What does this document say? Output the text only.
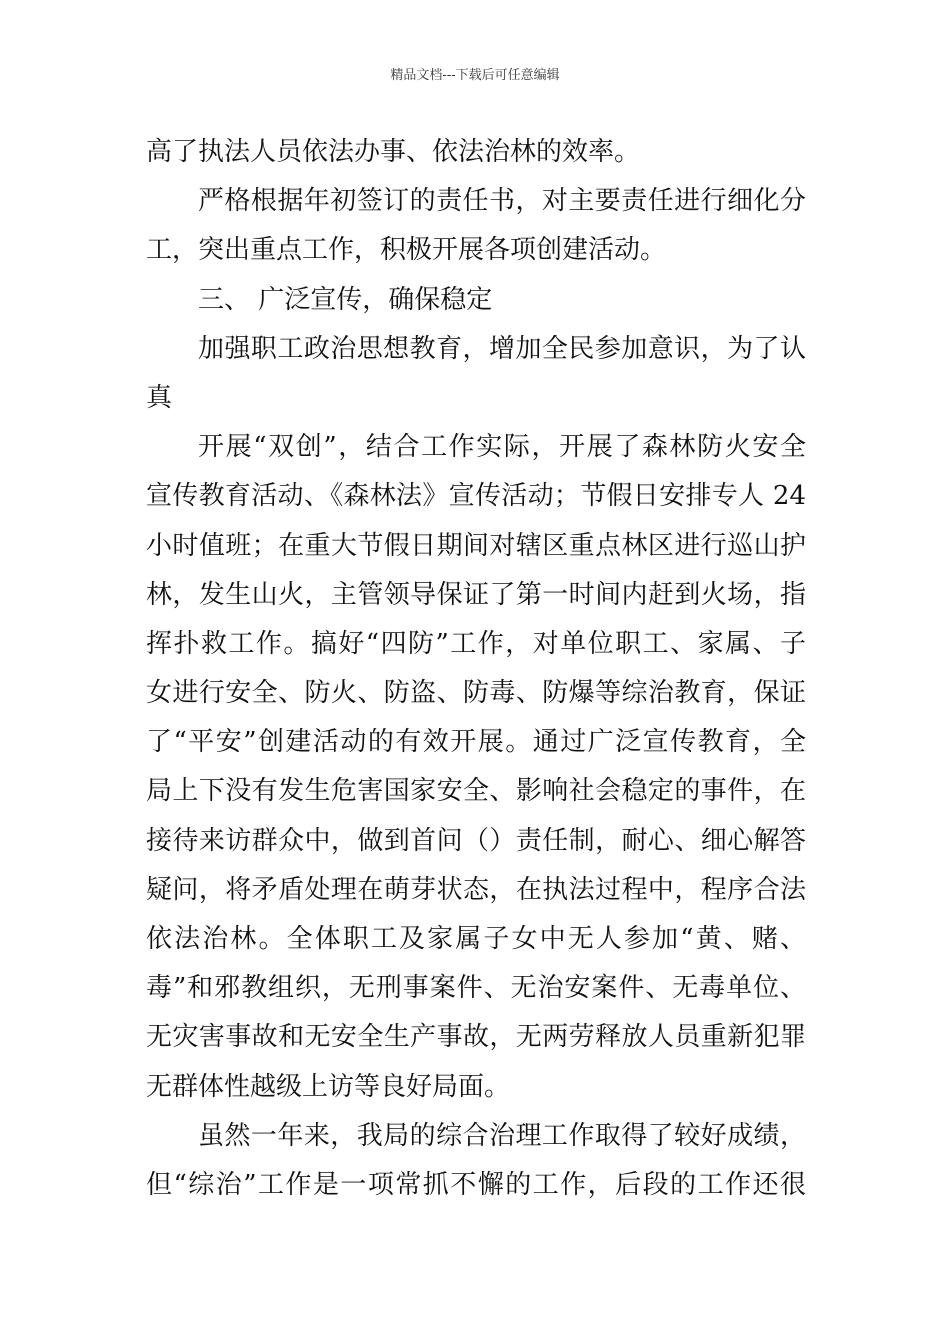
精品文档---下载后可任意编辑
高了执法人员依法办事、依法治林的效率。
严格根据年初签订的责任书，对主要责任进行细化分
工，突出重点工作，积极开展各项创建活动。
三、 广泛宣传，确保稳定
加强职工政治思想教育，增加全民参加意识，为了认
真
开展“双创”，结合工作实际，开展了森林防火安全
宣传教育活动、《森林法》宣传活动；节假日安排专人 24
小时值班；在重大节假日期间对辖区重点林区进行巡山护
林，发生山火，主管领导保证了第一时间内赶到火场，指
挥扑救工作。搞好“四防”工作，对单位职工、家属、子
女进行安全、防火、防盗、防毒、防爆等综治教育，保证
了“平安”创建活动的有效开展。通过广泛宣传教育，全
局上下没有发生危害国家安全、影响社会稳定的事件，在
接待来访群众中，做到首问（）责任制，耐心、细心解答
疑问，将矛盾处理在萌芽状态，在执法过程中，程序合法
依法治林。全体职工及家属子女中无人参加“黄、赌、
毒”和邪教组织，无刑事案件、无治安案件、无毒单位、
无灾害事故和无安全生产事故，无两劳释放人员重新犯罪
无群体性越级上访等良好局面。
虽然一年来，我局的综合治理工作取得了较好成绩，
但“综治”工作是一项常抓不懈的工作，后段的工作还很
